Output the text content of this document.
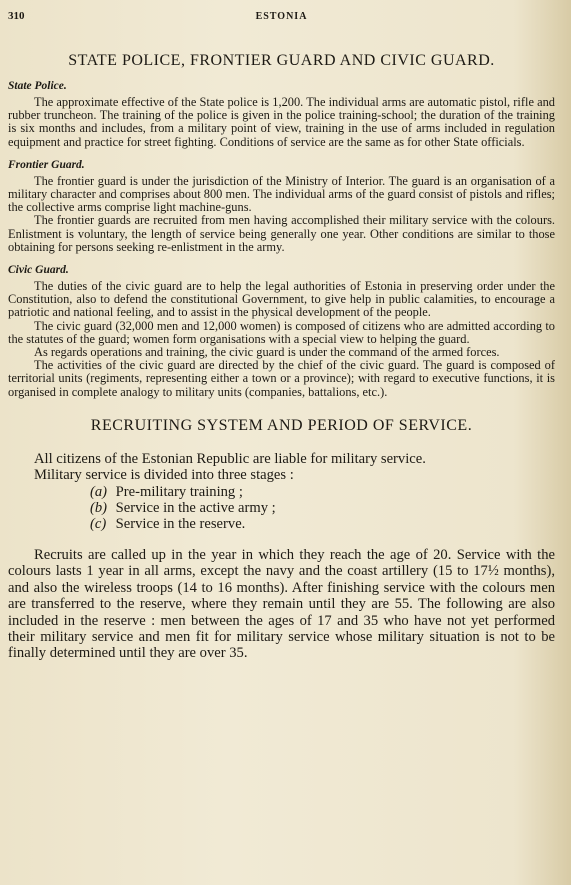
310	ESTONIA
STATE POLICE, FRONTIER GUARD AND CIVIC GUARD.
State Police.

The approximate effective of the State police is 1,200. The individual arms are automatic pistol, rifle and rubber truncheon. The training of the police is given in the police training-school; the duration of the training is six months and includes, from a military point of view, training in the use of arms included in regulation equipment and practice for street fighting. Conditions of service are the same as for other State officials.

Frontier Guard.

The frontier guard is under the jurisdiction of the Ministry of Interior. The guard is an organisation of a military character and comprises about 800 men. The individual arms of the guard consist of pistols and rifles; the collective arms comprise light machine-guns.

The frontier guards are recruited from men having accomplished their military service with the colours. Enlistment is voluntary, the length of service being generally one year. Other conditions are similar to those obtaining for persons seeking re-enlistment in the army.

Civic Guard.

The duties of the civic guard are to help the legal authorities of Estonia in preserving order under the Constitution, also to defend the constitutional Government, to give help in public calamities, to encourage a patriotic and national feeling, and to assist in the physical development of the people.

The civic guard (32,000 men and 12,000 women) is composed of citizens who are admitted according to the statutes of the guard; women form organisations with a special view to helping the guard.

As regards operations and training, the civic guard is under the command of the armed forces.

The activities of the civic guard are directed by the chief of the civic guard. The guard is composed of territorial units (regiments, representing either a town or a province); with regard to executive functions, it is organised in complete analogy to military units (companies, battalions, etc.).

RECRUITING SYSTEM AND PERIOD OF SERVICE.

All citizens of the Estonian Republic are liable for military service.

Military service is divided into three stages :

(a) Pre-military training ;
(b) Service in the active army ;
(c) Service in the reserve.

Recruits are called up in the year in which they reach the age of 20. Service with the colours lasts 1 year in all arms, except the navy and the coast artillery (15 to 17½ months), and also the wireless troops (14 to 16 months). After finishing service with the colours men are transferred to the reserve, where they remain until they are 55. The following are also included in the reserve : men between the ages of 17 and 35 who have not yet performed their military service and men fit for military service whose military situation is not to be finally determined until they are over 35.
